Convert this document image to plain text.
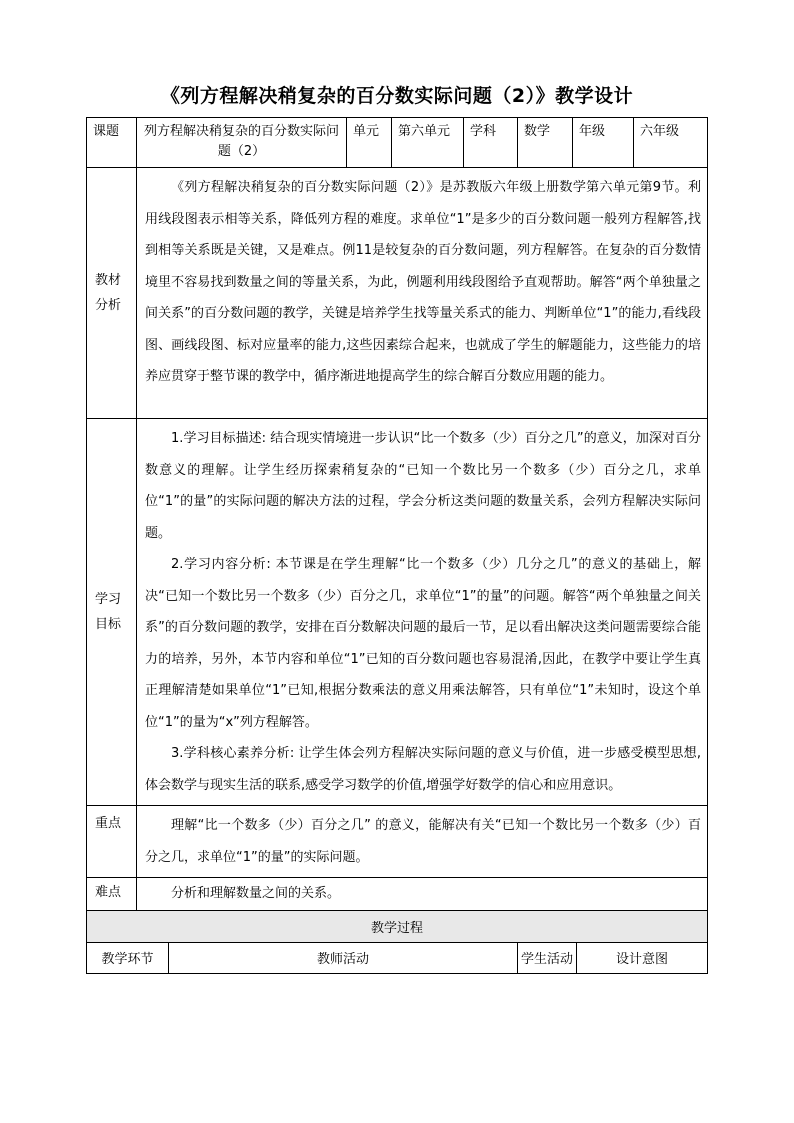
《列方程解决稍复杂的百分数实际问题（2）》教学设计
课题	列方程解决稍复杂的百分数实际问题（2）		单元	第六单元	学科	数学	年级		六年级

教材分析	《列方程解决稍复杂的百分数实际问题（2）》是苏教版六年级上册数学第六单元第9节。利用线段图表示相等关系，降低列方程的难度。求单位“1”是多少的百分数问题一般列方程解答,找到相等关系既是关键，又是难点。例11是较复杂的百分数问题，列方程解答。在复杂的百分数情境里不容易找到数量之间的等量关系，为此，例题利用线段图给予直观帮助。解答“两个单独量之间关系”的百分数问题的教学，关键是培养学生找等量关系式的能力、判断单位“1”的能力,看线段图、画线段图、标对应量率的能力,这些因素综合起来，也就成了学生的解题能力，这些能力的培养应贯穿于整节课的教学中，循序渐进地提高学生的综合解百分数应用题的能力。								

学习目标	1.学习目标描述: 结合现实情境进一步认识“比一个数多（少）百分之几”的意义，加深对百分数意义的理解。让学生经历探索稍复杂的“已知一个数比另一个数多（少）百分之几，求单位“1”的量”的实际问题的解决方法的过程，学会分析这类问题的数量关系，会列方程解决实际问题。

2.学习内容分析: 本节课是在学生理解“比一个数多（少）几分之几”的意义的基础上，解决“已知一个数比另一个数多（少）百分之几，求单位“1”的量”的问题。解答“两个单独量之间关系”的百分数问题的教学，安排在百分数解决问题的最后一节，足以看出解决这类问题需要综合能力的培养，另外，本节内容和单位“1”已知的百分数问题也容易混淆,因此，在教学中要让学生真正理解清楚如果单位“1”已知,根据分数乘法的意义用乘法解答，只有单位“1”未知时，设这个单位“1”的量为“x”列方程解答。

3.学科核心素养分析: 让学生体会列方程解决实际问题的意义与价值，进一步感受模型思想,体会数学与现实生活的联系,感受学习数学的价值,增强学好数学的信心和应用意识。								

重点	理解“比一个数多（少）百分之几” 的意义，能解决有关“已知一个数比另一个数多（少）百分之几，求单位“1”的量”的实际问题。								

难点	分析和理解数量之间的关系。								

教学过程									
教学环节		教师活动				学生活动		设计意图	
